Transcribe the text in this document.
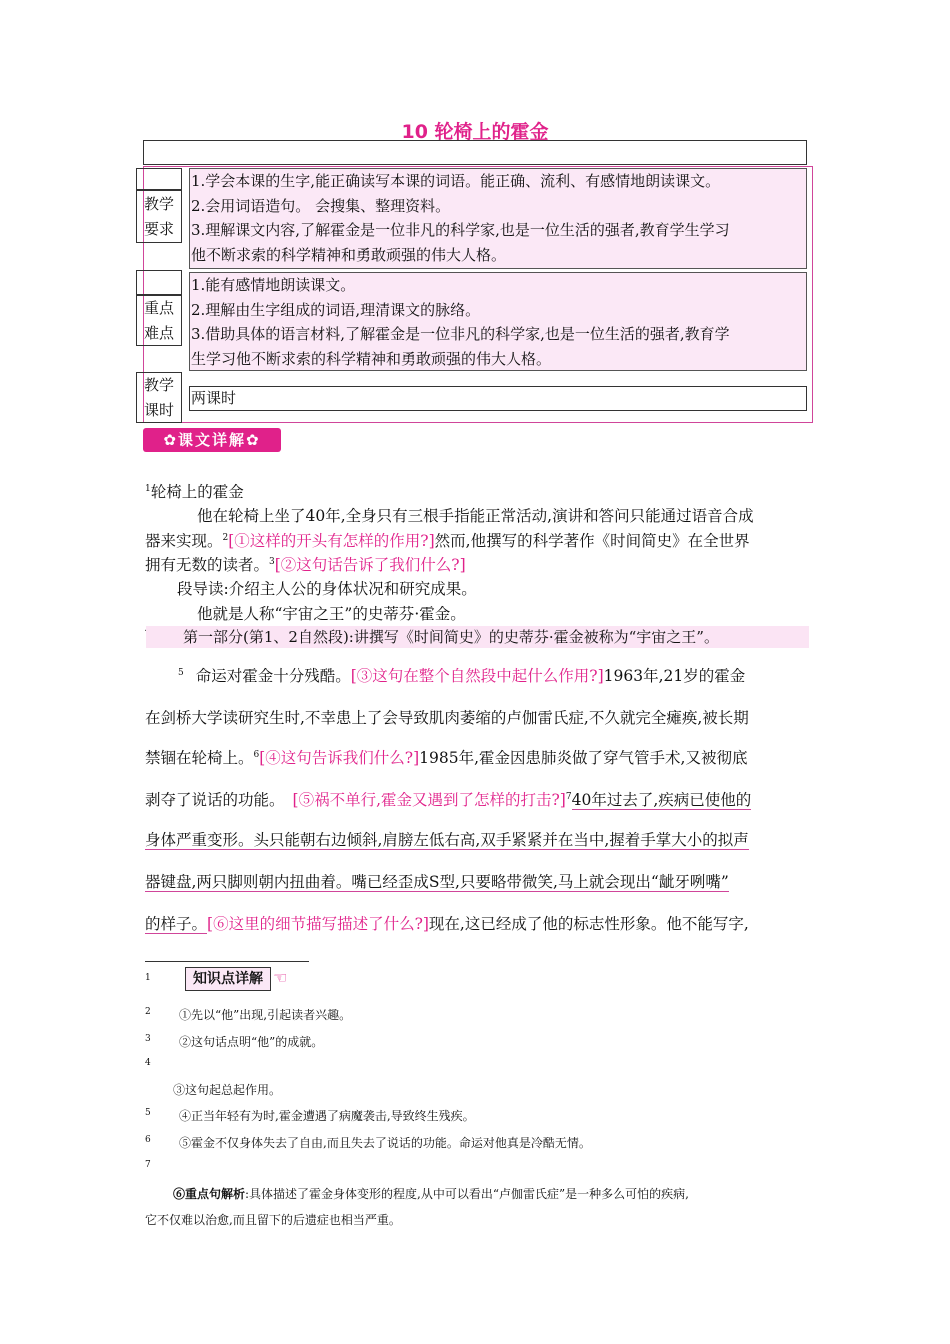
10 轮椅上的霍金
教学
要求
1.学会本课的生字,能正确读写本课的词语。能正确、流利、有感情地朗读课文。
2.会用词语造句。 会搜集、整理资料。
3.理解课文内容,了解霍金是一位非凡的科学家,也是一位生活的强者,教育学生学习
他不断求索的科学精神和勇敢顽强的伟大人格。
重点
难点
1.能有感情地朗读课文。
2.理解由生字组成的词语,理清课文的脉络。
3.借助具体的语言材料,了解霍金是一位非凡的科学家,也是一位生活的强者,教育学
生学习他不断求索的科学精神和勇敢顽强的伟大人格。
教学
课时
两课时
✿课文详解✿
$^1$轮椅上的霍金
他在轮椅上坐了40年,全身只有三根手指能正常活动,演讲和答问只能通过语音合成
器来实现。$^2$[①这样的开头有怎样的作用?]然而,他撰写的科学著作《时间简史》在全世界
拥有无数的读者。$^3$[②这句话告诉了我们什么?]
段导读:介绍主人公的身体状况和研究成果。
他就是人称“宇宙之王”的史蒂芬·霍金。
第一部分(第1、2自然段):讲撰写《时间简史》的史蒂芬·霍金被称为“宇宙之王”。
$^5$ 命运对霍金十分残酷。[③这句在整个自然段中起什么作用?]1963年,21岁的霍金
在剑桥大学读研究生时,不幸患上了会导致肌肉萎缩的卢伽雷氏症,不久就完全瘫痪,被长期
禁锢在轮椅上。$^6$[④这句告诉我们什么?]1985年,霍金因患肺炎做了穿气管手术,又被彻底
剥夺了说话的功能。 [⑤祸不单行,霍金又遇到了怎样的打击?]$^7$40年过去了,疾病已使他的
身体严重变形。头只能朝右边倾斜,肩膀左低右高,双手紧紧并在当中,握着手掌大小的拟声
器键盘,两只脚则朝内扭曲着。嘴已经歪成S型,只要略带微笑,马上就会现出“龇牙咧嘴”
的样子。[⑥这里的细节描写描述了什么?]现在,这已经成了他的标志性形象。他不能写字,
1	知识点详解 ☜
2 ①先以“他”出现,引起读者兴趣。
3 ②这句话点明“他”的成就。
4
③这句起总起作用。
5 ④正当年轻有为时,霍金遭遇了病魔袭击,导致终生残疾。
6 ⑤霍金不仅身体失去了自由,而且失去了说话的功能。命运对他真是冷酷无情。
7
⑥重点句解析:具体描述了霍金身体变形的程度,从中可以看出“卢伽雷氏症”是一种多么可怕的疾病,
它不仅难以治愈,而且留下的后遗症也相当严重。
